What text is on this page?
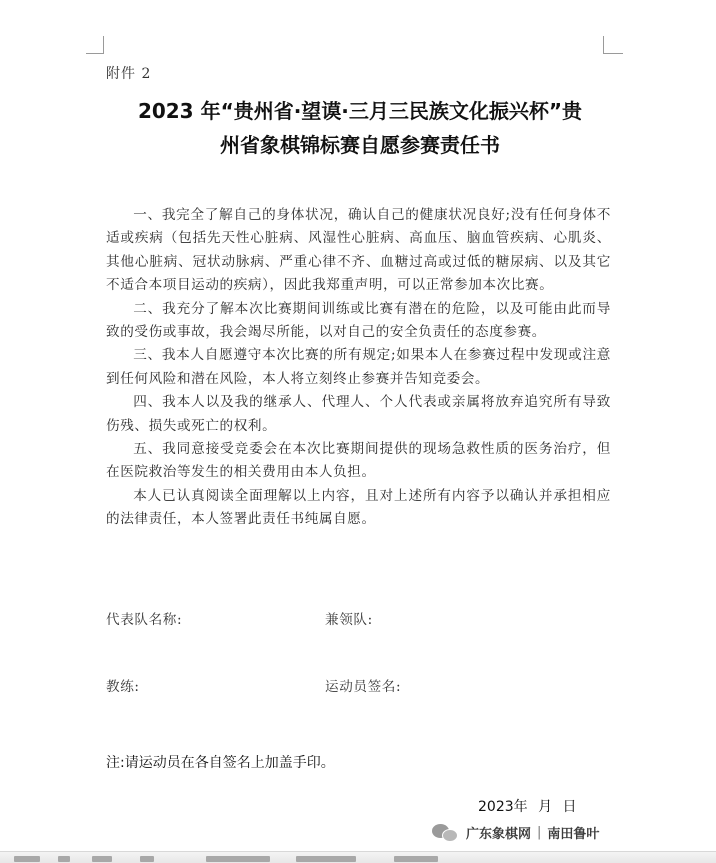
附件 2
2023 年“贵州省·望谟·三月三民族文化振兴杯”贵
州省象棋锦标赛自愿参赛责任书

一、我完全了解自己的身体状况，确认自己的健康状况良好;没有任何身体不适或疾病（包括先天性心脏病、风湿性心脏病、高血压、脑血管疾病、心肌炎、其他心脏病、冠状动脉病、严重心律不齐、血糖过高或过低的糖尿病、以及其它不适合本项目运动的疾病），因此我郑重声明，可以正常参加本次比赛。

二、我充分了解本次比赛期间训练或比赛有潜在的危险，以及可能由此而导致的受伤或事故，我会竭尽所能，以对自己的安全负责任的态度参赛。

三、我本人自愿遵守本次比赛的所有规定;如果本人在参赛过程中发现或注意到任何风险和潜在风险，本人将立刻终止参赛并告知竞委会。

四、我本人以及我的继承人、代理人、个人代表或亲属将放弃追究所有导致伤残、损失或死亡的权利。

五、我同意接受竞委会在本次比赛期间提供的现场急救性质的医务治疗，但在医院救治等发生的相关费用由本人负担。

本人已认真阅读全面理解以上内容，且对上述所有内容予以确认并承担相应的法律责任，本人签署此责任书纯属自愿。

代表队名称:	兼领队:
教练:	运动员签名:
注:请运动员在各自签名上加盖手印。
2023年 月 日
广东象棋网 | 南田鲁叶
